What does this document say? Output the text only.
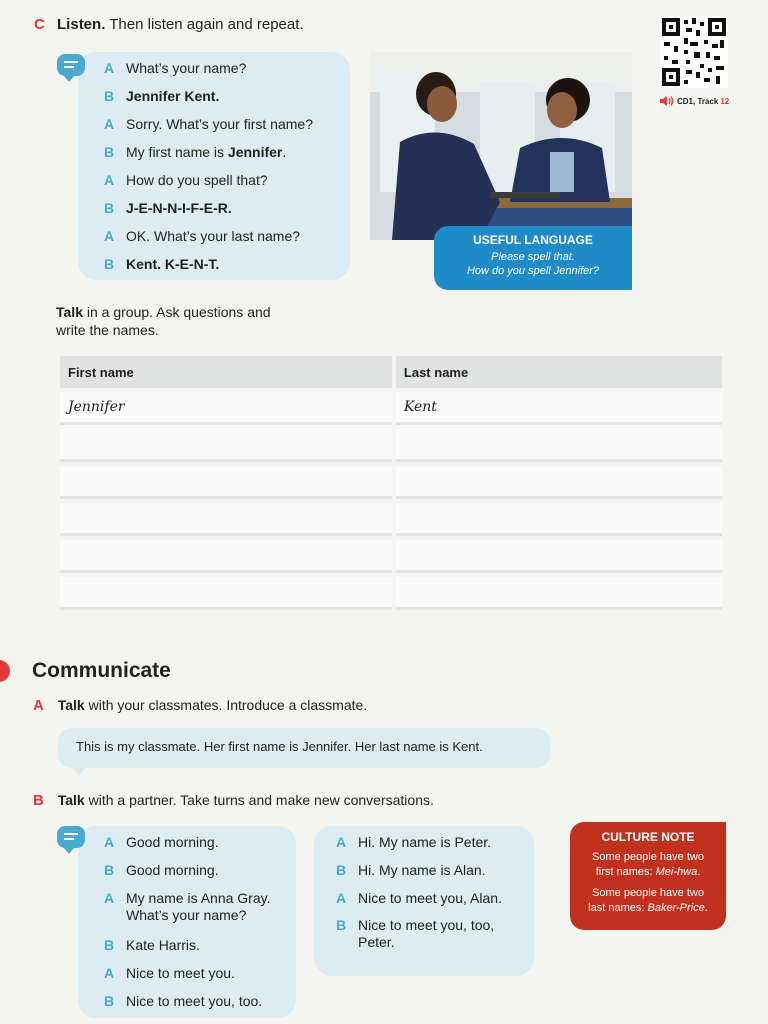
C Listen. Then listen again and repeat.
CD1, Track 12
A What’s your name?
B Jennifer Kent.
A Sorry. What’s your first name?
B My first name is Jennifer.
A How do you spell that?
B J-E-N-N-I-F-E-R.
A OK. What’s your last name?
B Kent. K-E-N-T.
USEFUL LANGUAGE
Please spell that.
How do you spell Jennifer?
Talk in a group. Ask questions and
write the names.
First name	Last name
Jennifer	Kent

Communicate
A Talk with your classmates. Introduce a classmate.
This is my classmate. Her first name is Jennifer. Her last name is Kent.
B Talk with a partner. Take turns and make new conversations.
A Good morning.
B Good morning.
A My name is Anna Gray.
What’s your name?
B Kate Harris.
A Nice to meet you.
B Nice to meet you, too.
A Hi. My name is Peter.
B Hi. My name is Alan.
A Nice to meet you, Alan.
B Nice to meet you, too,
Peter.
CULTURE NOTE
Some people have two
first names: Mei-hwa.
Some people have two
last names: Baker-Price.
